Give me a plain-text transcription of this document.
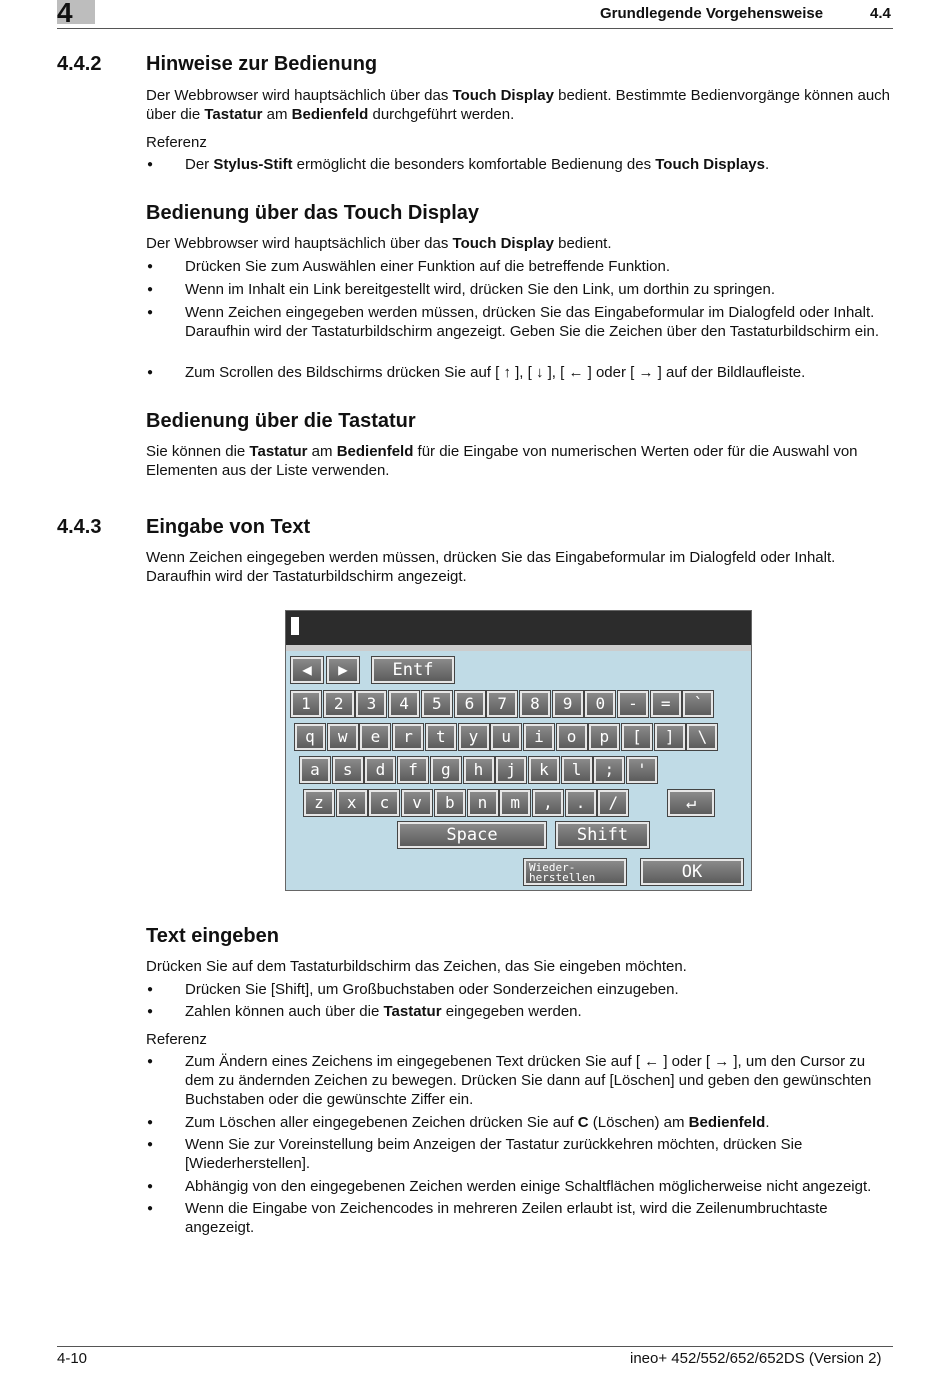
4	Grundlegende Vorgehensweise	4.4
4.4.2 Hinweise zur Bedienung
Der Webbrowser wird hauptsächlich über das Touch Display bedient. Bestimmte Bedienvorgänge können auch über die Tastatur am Bedienfeld durchgeführt werden.
Referenz
● Der Stylus-Stift ermöglicht die besonders komfortable Bedienung des Touch Displays.
Bedienung über das Touch Display
Der Webbrowser wird hauptsächlich über das Touch Display bedient.
● Drücken Sie zum Auswählen einer Funktion auf die betreffende Funktion.
● Wenn im Inhalt ein Link bereitgestellt wird, drücken Sie den Link, um dorthin zu springen.
● Wenn Zeichen eingegeben werden müssen, drücken Sie das Eingabeformular im Dialogfeld oder Inhalt. Daraufhin wird der Tastaturbildschirm angezeigt. Geben Sie die Zeichen über den Tastaturbildschirm ein.
● Zum Scrollen des Bildschirms drücken Sie auf [ ↑ ], [ ↓ ], [ ← ] oder [ → ] auf der Bildlaufleiste.
Bedienung über die Tastatur
Sie können die Tastatur am Bedienfeld für die Eingabe von numerischen Werten oder für die Auswahl von Elementen aus der Liste verwenden.
4.4.3 Eingabe von Text
Wenn Zeichen eingegeben werden müssen, drücken Sie das Eingabeformular im Dialogfeld oder Inhalt. Daraufhin wird der Tastaturbildschirm angezeigt.
◀	▶	Entf
1	2	3	4	5	6	7	8	9	0	-	=	`
q	w	e	r	t	y	u	i	o	p	[	]	\
a	s	d	f	g	h	j	k	l	;	'
z	x	c	v	b	n	m	,	.	/	↵
Space	Shift
Wieder-
herstellen	OK
Text eingeben
Drücken Sie auf dem Tastaturbildschirm das Zeichen, das Sie eingeben möchten.
● Drücken Sie [Shift], um Großbuchstaben oder Sonderzeichen einzugeben.
● Zahlen können auch über die Tastatur eingegeben werden.
Referenz
● Zum Ändern eines Zeichens im eingegebenen Text drücken Sie auf [ ← ] oder [ → ], um den Cursor zu dem zu ändernden Zeichen zu bewegen. Drücken Sie dann auf [Löschen] und geben den gewünschten Buchstaben oder die gewünschte Ziffer ein.
● Zum Löschen aller eingegebenen Zeichen drücken Sie auf C (Löschen) am Bedienfeld.
● Wenn Sie zur Voreinstellung beim Anzeigen der Tastatur zurückkehren möchten, drücken Sie [Wiederherstellen].
● Abhängig von den eingegebenen Zeichen werden einige Schaltflächen möglicherweise nicht angezeigt.
● Wenn die Eingabe von Zeichencodes in mehreren Zeilen erlaubt ist, wird die Zeilenumbruchtaste angezeigt.
4-10	ineo+ 452/552/652/652DS (Version 2)
